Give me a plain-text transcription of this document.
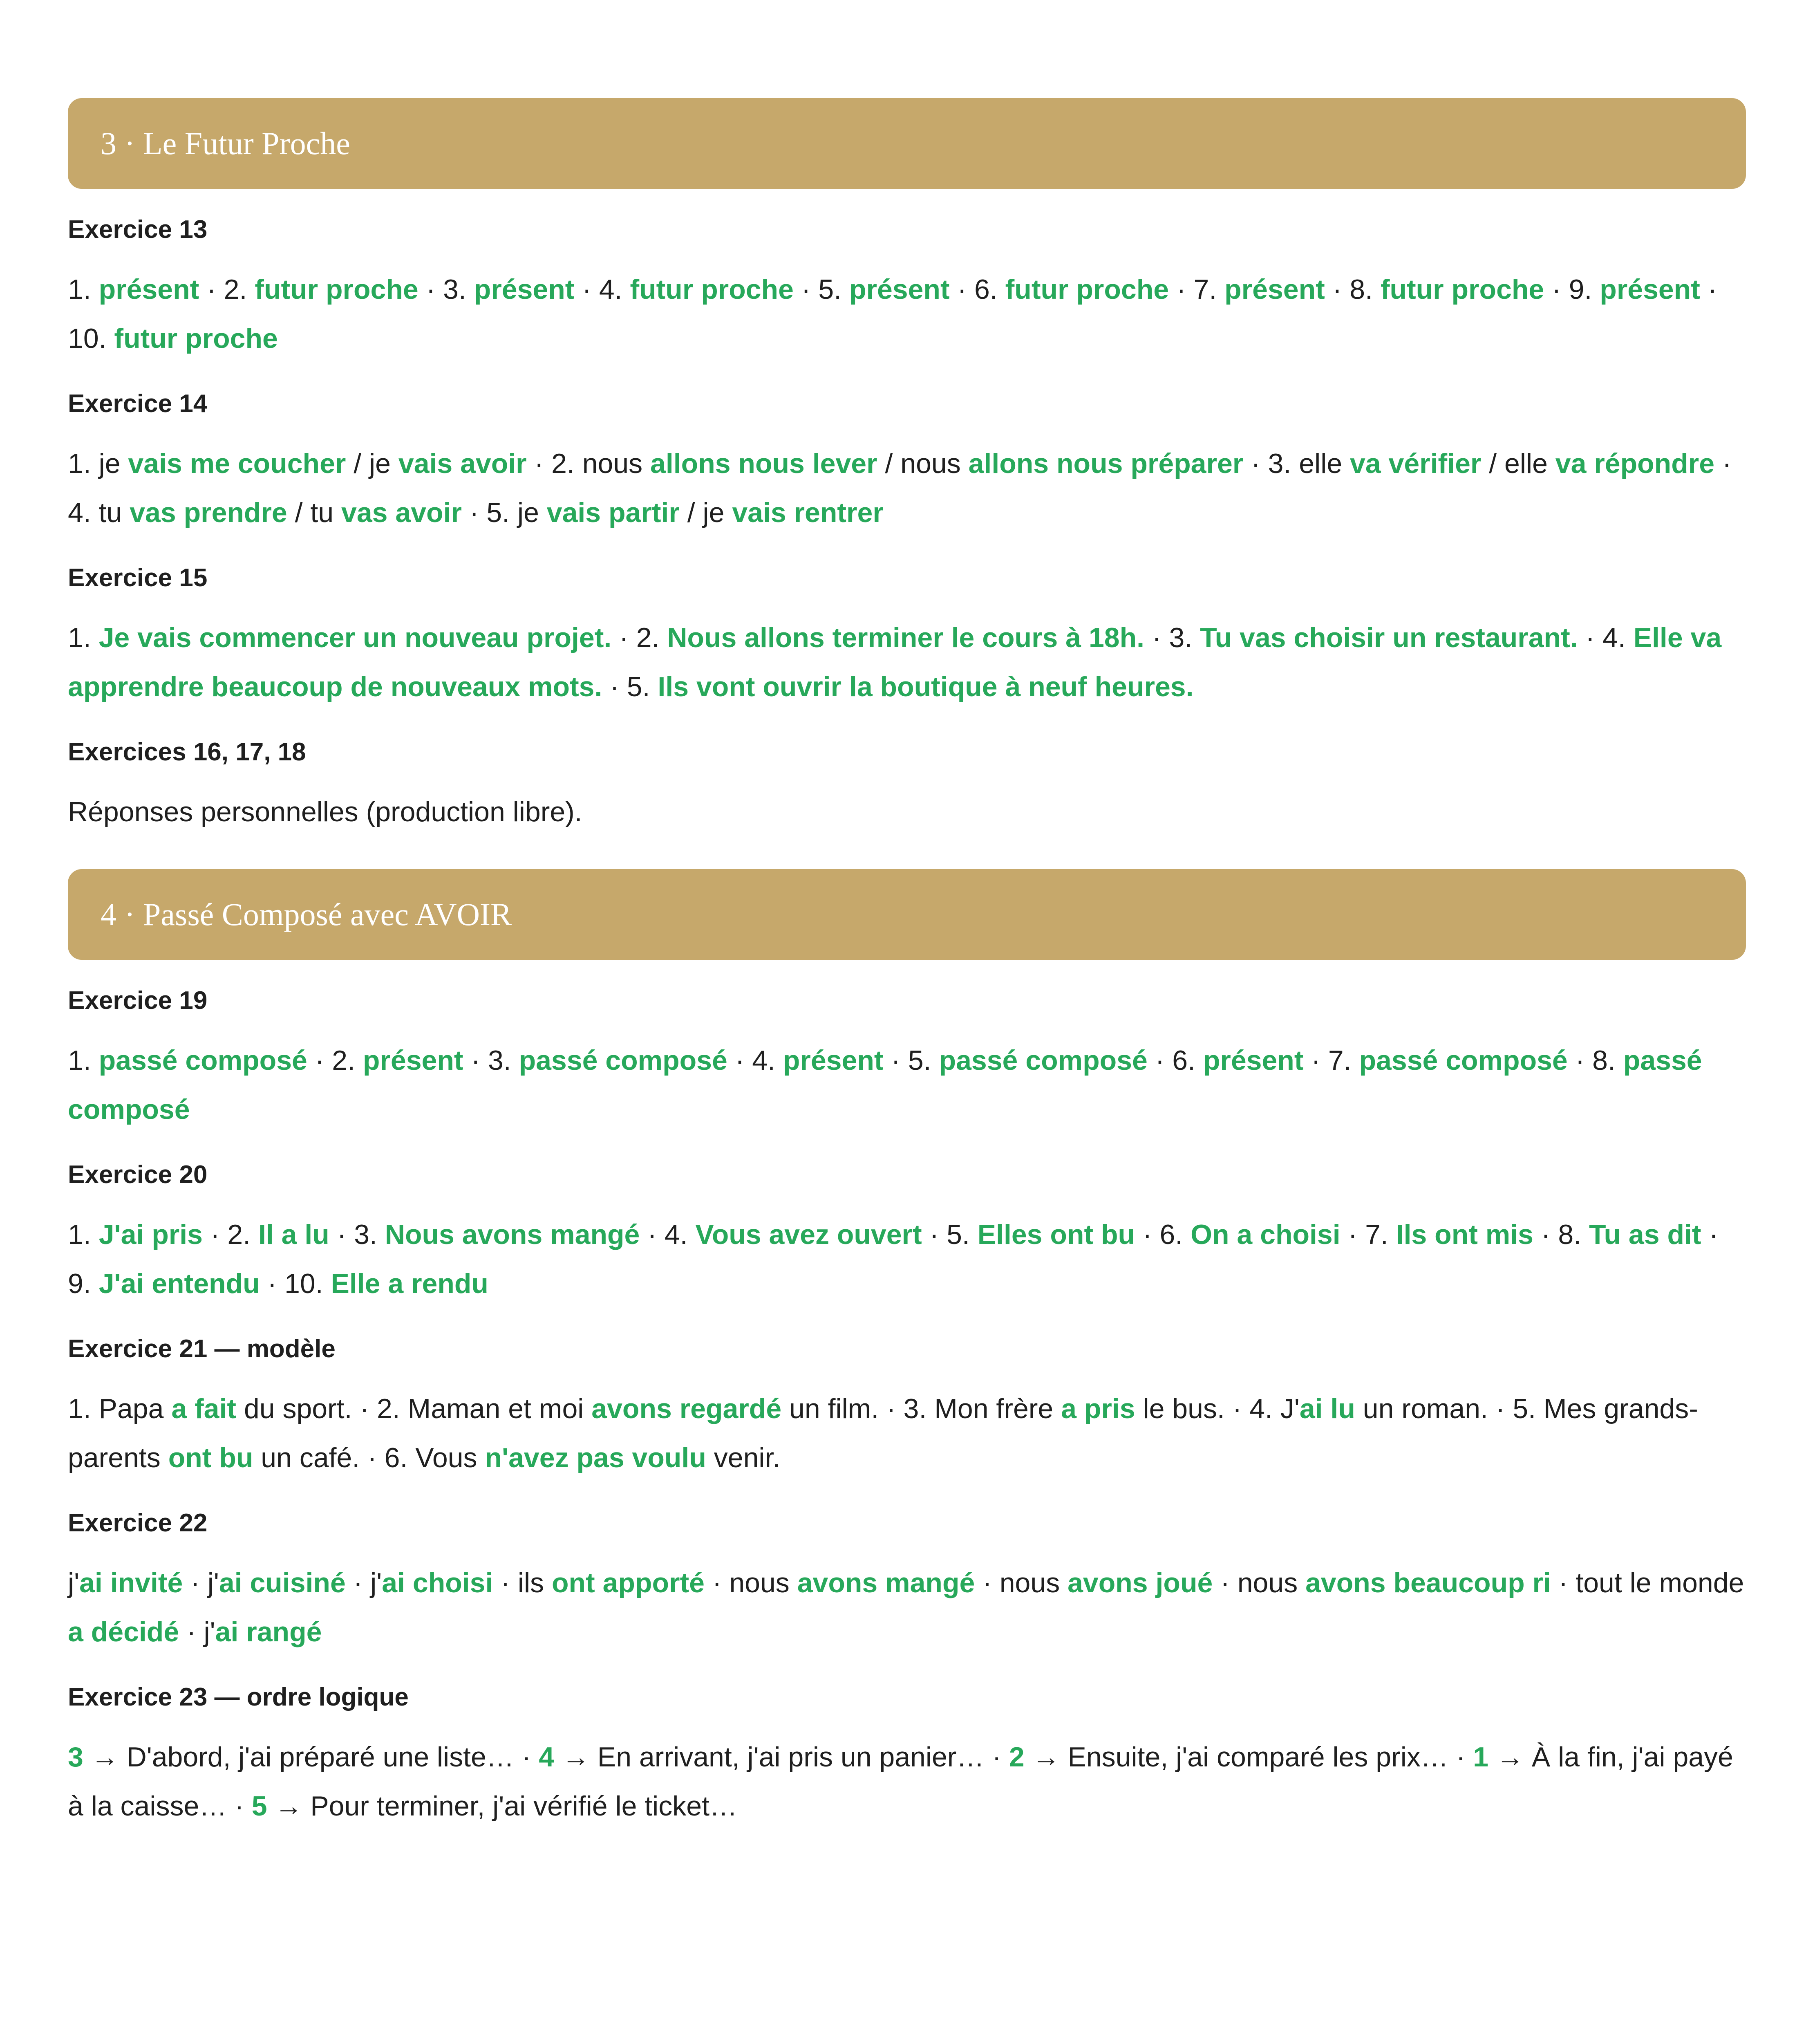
3 · Le Futur Proche
Exercice 13

1. présent · 2. futur proche · 3. présent · 4. futur proche · 5. présent · 6. futur proche · 7. présent · 8. futur proche · 9. présent · 10. futur proche

Exercice 14

1. je vais me coucher / je vais avoir · 2. nous allons nous lever / nous allons nous préparer · 3. elle va vérifier / elle va répondre · 4. tu vas prendre / tu vas avoir · 5. je vais partir / je vais rentrer

Exercice 15

1. Je vais commencer un nouveau projet. · 2. Nous allons terminer le cours à 18h. · 3. Tu vas choisir un restaurant. · 4. Elle va apprendre beaucoup de nouveaux mots. · 5. Ils vont ouvrir la boutique à neuf heures.

Exercices 16, 17, 18

Réponses personnelles (production libre).

4 · Passé Composé avec AVOIR
Exercice 19

1. passé composé · 2. présent · 3. passé composé · 4. présent · 5. passé composé · 6. présent · 7. passé composé · 8. passé composé

Exercice 20

1. J'ai pris · 2. Il a lu · 3. Nous avons mangé · 4. Vous avez ouvert · 5. Elles ont bu · 6. On a choisi · 7. Ils ont mis · 8. Tu as dit · 9. J'ai entendu · 10. Elle a rendu

Exercice 21 — modèle

1. Papa a fait du sport. · 2. Maman et moi avons regardé un film. · 3. Mon frère a pris le bus. · 4. J'ai lu un roman. · 5. Mes grands-parents ont bu un café. · 6. Vous n'avez pas voulu venir.

Exercice 22

j'ai invité · j'ai cuisiné · j'ai choisi · ils ont apporté · nous avons mangé · nous avons joué · nous avons beaucoup ri · tout le monde a décidé · j'ai rangé

Exercice 23 — ordre logique

3 → D'abord, j'ai préparé une liste… · 4 → En arrivant, j'ai pris un panier… · 2 → Ensuite, j'ai comparé les prix… · 1 → À la fin, j'ai payé à la caisse… · 5 → Pour terminer, j'ai vérifié le ticket…
